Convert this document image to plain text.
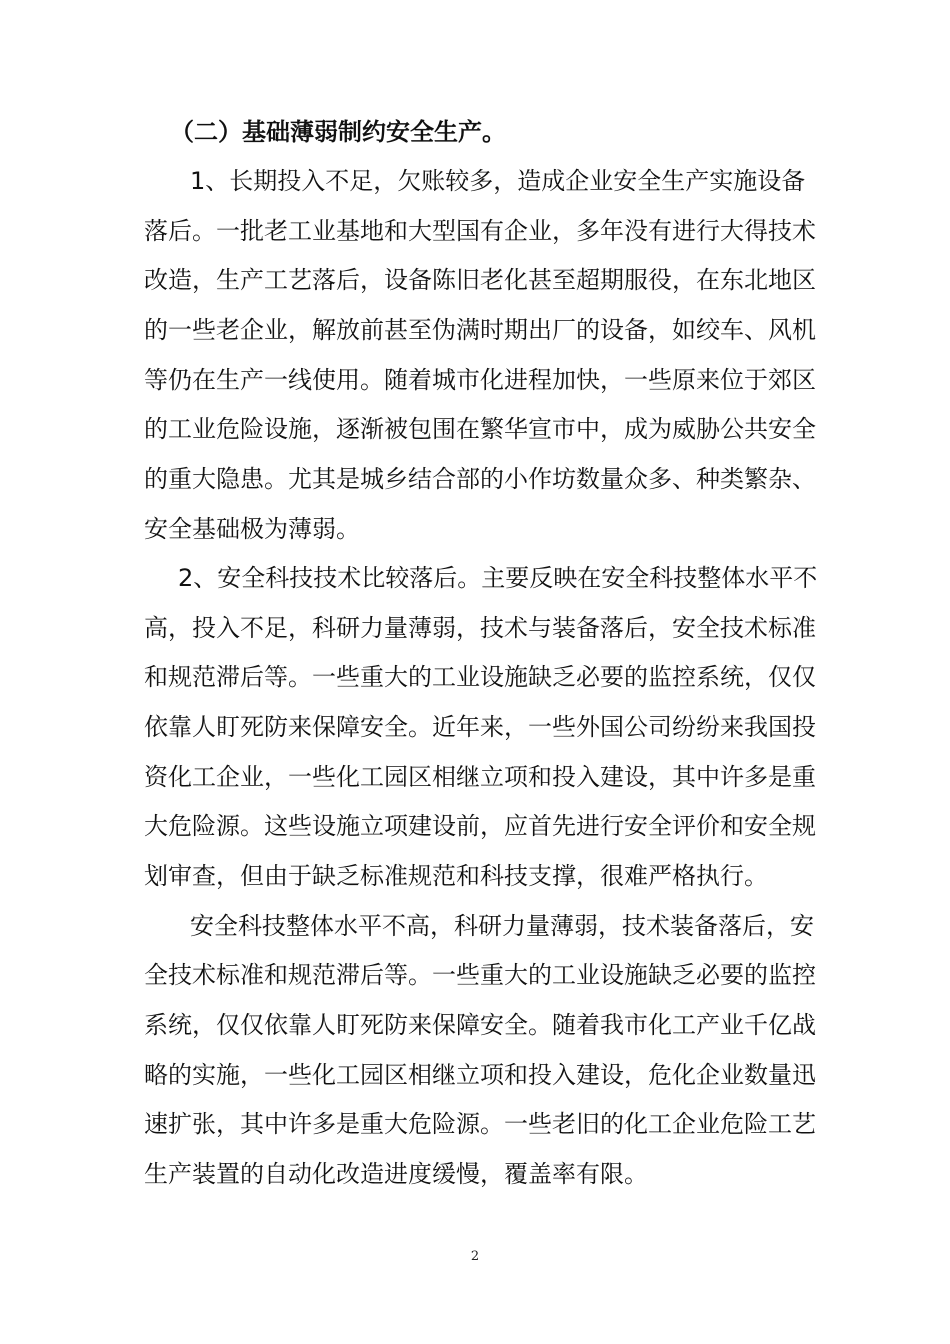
（二）基础薄弱制约安全生产。
1、长期投入不足，欠账较多，造成企业安全生产实施设备
落后。一批老工业基地和大型国有企业，多年没有进行大得技术
改造，生产工艺落后，设备陈旧老化甚至超期服役，在东北地区
的一些老企业，解放前甚至伪满时期出厂的设备，如绞车、风机
等仍在生产一线使用。随着城市化进程加快，一些原来位于郊区
的工业危险设施，逐渐被包围在繁华宣市中，成为威胁公共安全
的重大隐患。尤其是城乡结合部的小作坊数量众多、种类繁杂、
安全基础极为薄弱。
2、安全科技技术比较落后。主要反映在安全科技整体水平不
高，投入不足，科研力量薄弱，技术与装备落后，安全技术标准
和规范滞后等。一些重大的工业设施缺乏必要的监控系统，仅仅
依靠人盯死防来保障安全。近年来，一些外国公司纷纷来我国投
资化工企业，一些化工园区相继立项和投入建设，其中许多是重
大危险源。这些设施立项建设前，应首先进行安全评价和安全规
划审查，但由于缺乏标准规范和科技支撑，很难严格执行。
安全科技整体水平不高，科研力量薄弱，技术装备落后，安
全技术标准和规范滞后等。一些重大的工业设施缺乏必要的监控
系统，仅仅依靠人盯死防来保障安全。随着我市化工产业千亿战
略的实施，一些化工园区相继立项和投入建设，危化企业数量迅
速扩张，其中许多是重大危险源。一些老旧的化工企业危险工艺
生产装置的自动化改造进度缓慢，覆盖率有限。
2
